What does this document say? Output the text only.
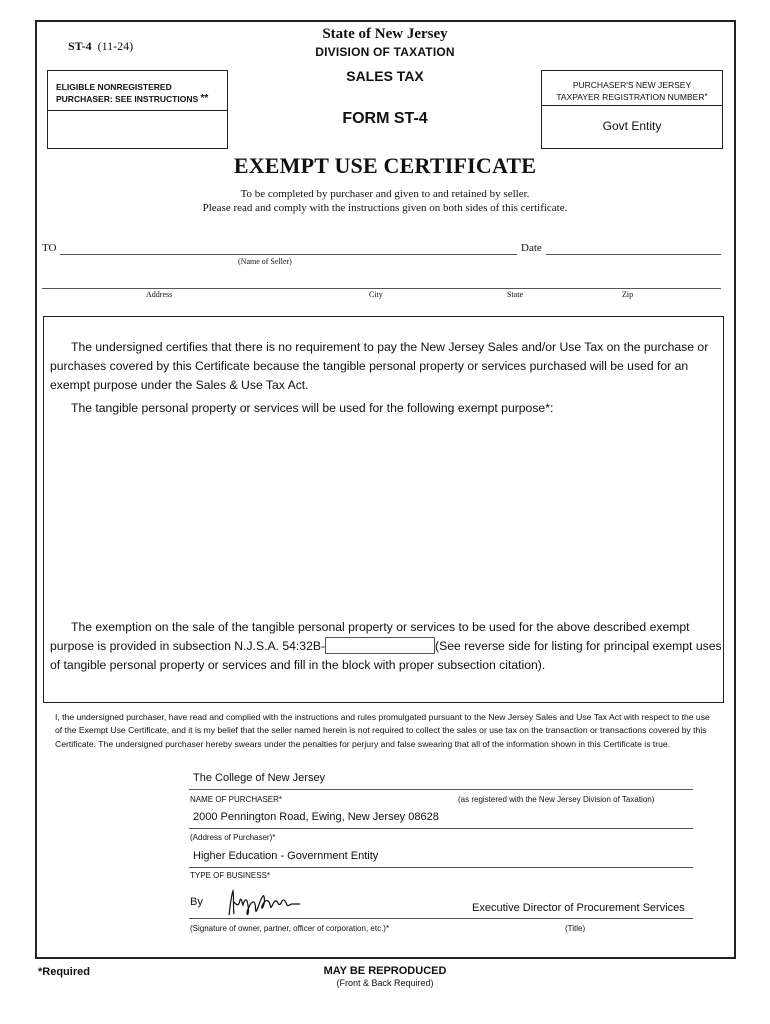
ST-4 (11-24)
State of New Jersey
DIVISION OF TAXATION
SALES TAX
FORM ST-4
ELIGIBLE NONREGISTERED
PURCHASER: SEE INSTRUCTIONS **
PURCHASER'S NEW JERSEY
TAXPAYER REGISTRATION NUMBER*
Govt Entity
EXEMPT USE CERTIFICATE
To be completed by purchaser and given to and retained by seller.
Please read and comply with the instructions given on both sides of this certificate.
TO
(Name of Seller)
Date
Address	City	State	Zip
The undersigned certifies that there is no requirement to pay the New Jersey Sales and/or Use Tax on the purchase or purchases covered by this Certificate because the tangible personal property or services purchased will be used for an exempt purpose under the Sales & Use Tax Act.
The tangible personal property or services will be used for the following exempt purpose*:
The exemption on the sale of the tangible personal property or services to be used for the above described exempt purpose is provided in subsection N.J.S.A. 54:32B-	(See reverse side for listing for principal exempt uses of tangible personal property or services and fill in the block with proper subsection citation).
I, the undersigned purchaser, have read and complied with the instructions and rules promulgated pursuant to the New Jersey Sales and Use Tax Act with respect to the use of the Exempt Use Certificate, and it is my belief that the seller named herein is not required to collect the sales or use tax on the transaction or transactions covered by this Certificate. The undersigned purchaser hereby swears under the penalties for perjury and false swearing that all of the information shown in this Certificate is true.
The College of New Jersey
NAME OF PURCHASER*	(as registered with the New Jersey Division of Taxation)
2000 Pennington Road, Ewing, New Jersey 08628
(Address of Purchaser)*
Higher Education - Government Entity
TYPE OF BUSINESS*
By	Executive Director of Procurement Services
(Signature of owner, partner, officer of corporation, etc.)*	(Title)
*Required	MAY BE REPRODUCED
(Front & Back Required)
